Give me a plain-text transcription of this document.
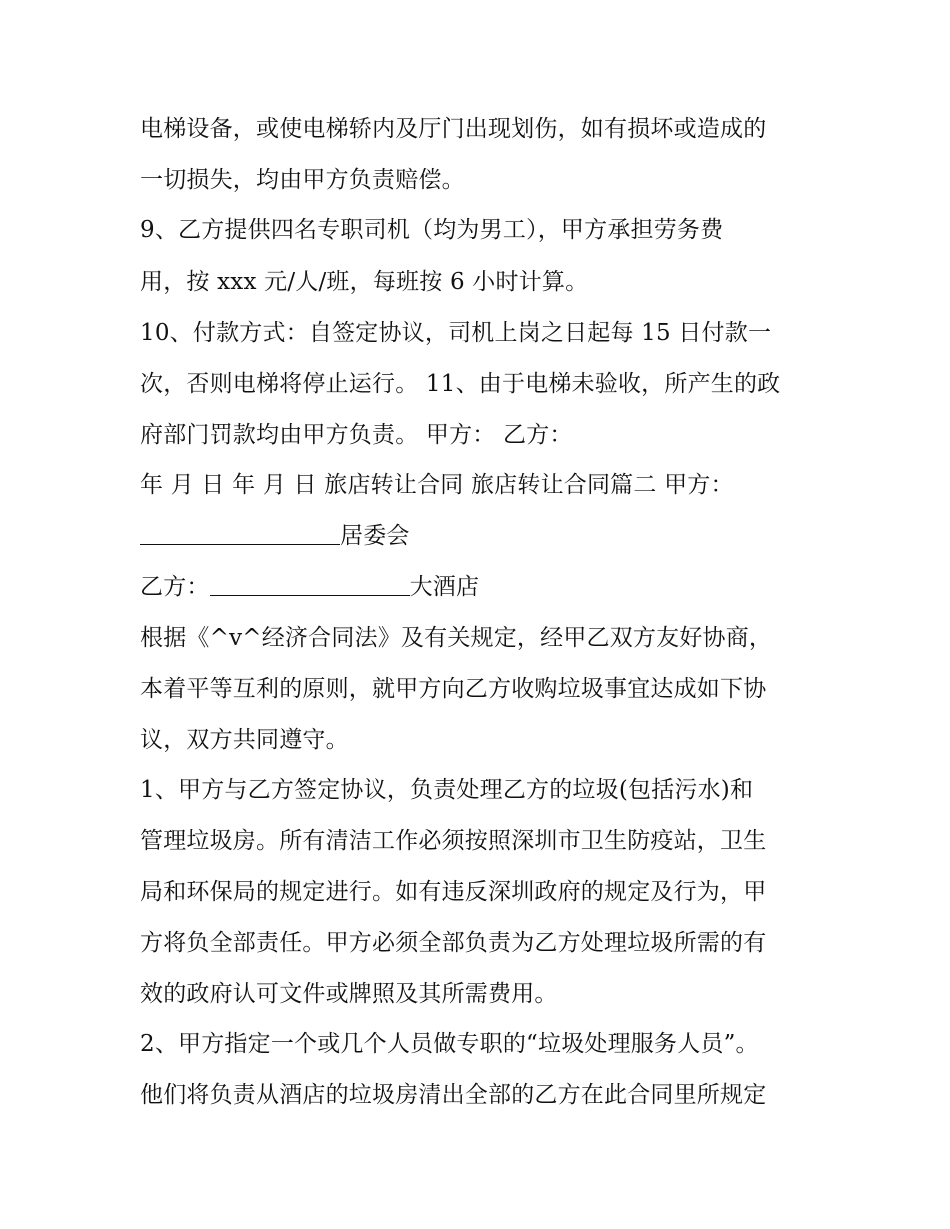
电梯设备，或使电梯轿内及厅门出现划伤，如有损坏或造成的
一切损失，均由甲方负责赔偿。
9、乙方提供四名专职司机（均为男工），甲方承担劳务费
用，按 xxx 元/人/班，每班按 6 小时计算。
10、付款方式：自签定协议，司机上岗之日起每 15 日付款一
次，否则电梯将停止运行。 11、由于电梯未验收，所产生的政
府部门罚款均由甲方负责。 甲方： 乙方：
年 月 日 年 月 日 旅店转让合同 旅店转让合同篇二 甲方：
居委会
乙方：	大酒店
根据《^v^经济合同法》及有关规定，经甲乙双方友好协商，
本着平等互利的原则，就甲方向乙方收购垃圾事宜达成如下协
议，双方共同遵守。
1、甲方与乙方签定协议，负责处理乙方的垃圾(包括污水)和
管理垃圾房。所有清洁工作必须按照深圳市卫生防疫站，卫生
局和环保局的规定进行。如有违反深圳政府的规定及行为，甲
方将负全部责任。甲方必须全部负责为乙方处理垃圾所需的有
效的政府认可文件或牌照及其所需费用。
2、甲方指定一个或几个人员做专职的“垃圾处理服务人员”。
他们将负责从酒店的垃圾房清出全部的乙方在此合同里所规定
